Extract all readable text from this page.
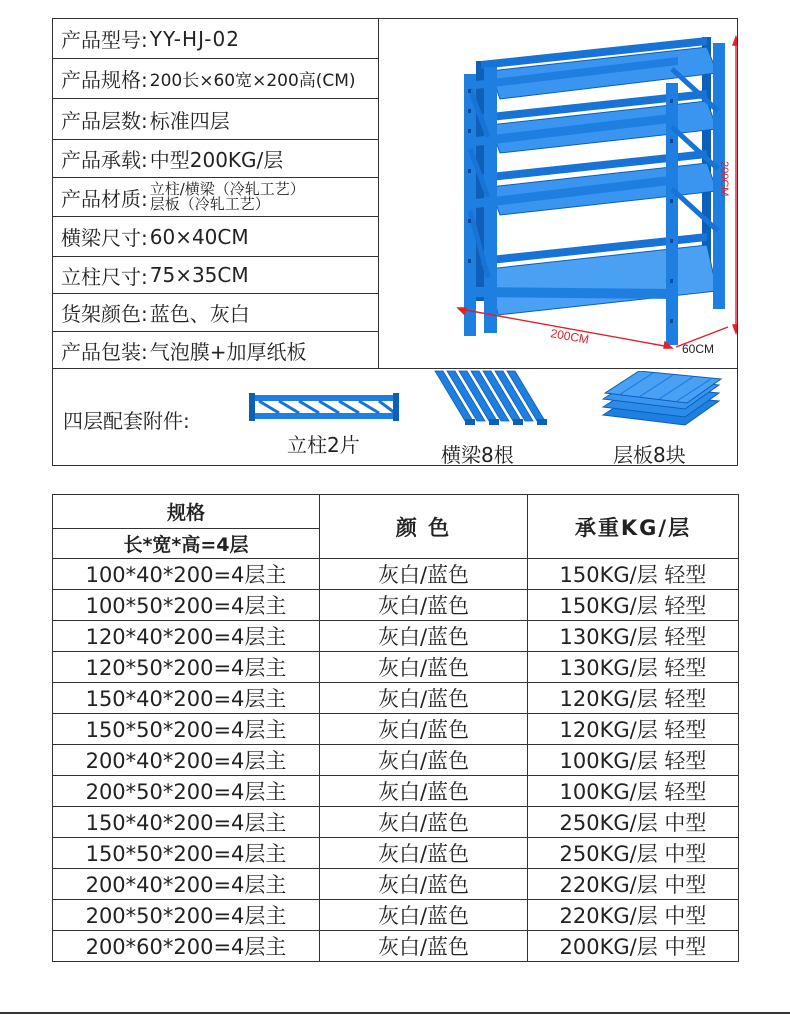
产品型号: YY-HJ-02
产品规格: 200长×60宽×200高(CM)
产品层数: 标准四层
产品承载: 中型200KG/层
产品材质: 立柱/横梁（冷轧工艺）
层板（冷轧工艺）
横梁尺寸: 60×40CM
立柱尺寸: 75×35CM
货架颜色: 蓝色、灰白
产品包装: 气泡膜+加厚纸板
200CM
200CM
60CM
四层配套附件:
立柱2片	横梁8根	层板8块
规格	颜 色	承重KG/层
长*宽*高=4层		
100*40*200=4层主	灰白/蓝色	150KG/层 轻型
100*50*200=4层主	灰白/蓝色	150KG/层 轻型
120*40*200=4层主	灰白/蓝色	130KG/层 轻型
120*50*200=4层主	灰白/蓝色	130KG/层 轻型
150*40*200=4层主	灰白/蓝色	120KG/层 轻型
150*50*200=4层主	灰白/蓝色	120KG/层 轻型
200*40*200=4层主	灰白/蓝色	100KG/层 轻型
200*50*200=4层主	灰白/蓝色	100KG/层 轻型
150*40*200=4层主	灰白/蓝色	250KG/层 中型
150*50*200=4层主	灰白/蓝色	250KG/层 中型
200*40*200=4层主	灰白/蓝色	220KG/层 中型
200*50*200=4层主	灰白/蓝色	220KG/层 中型
200*60*200=4层主	灰白/蓝色	200KG/层 中型
